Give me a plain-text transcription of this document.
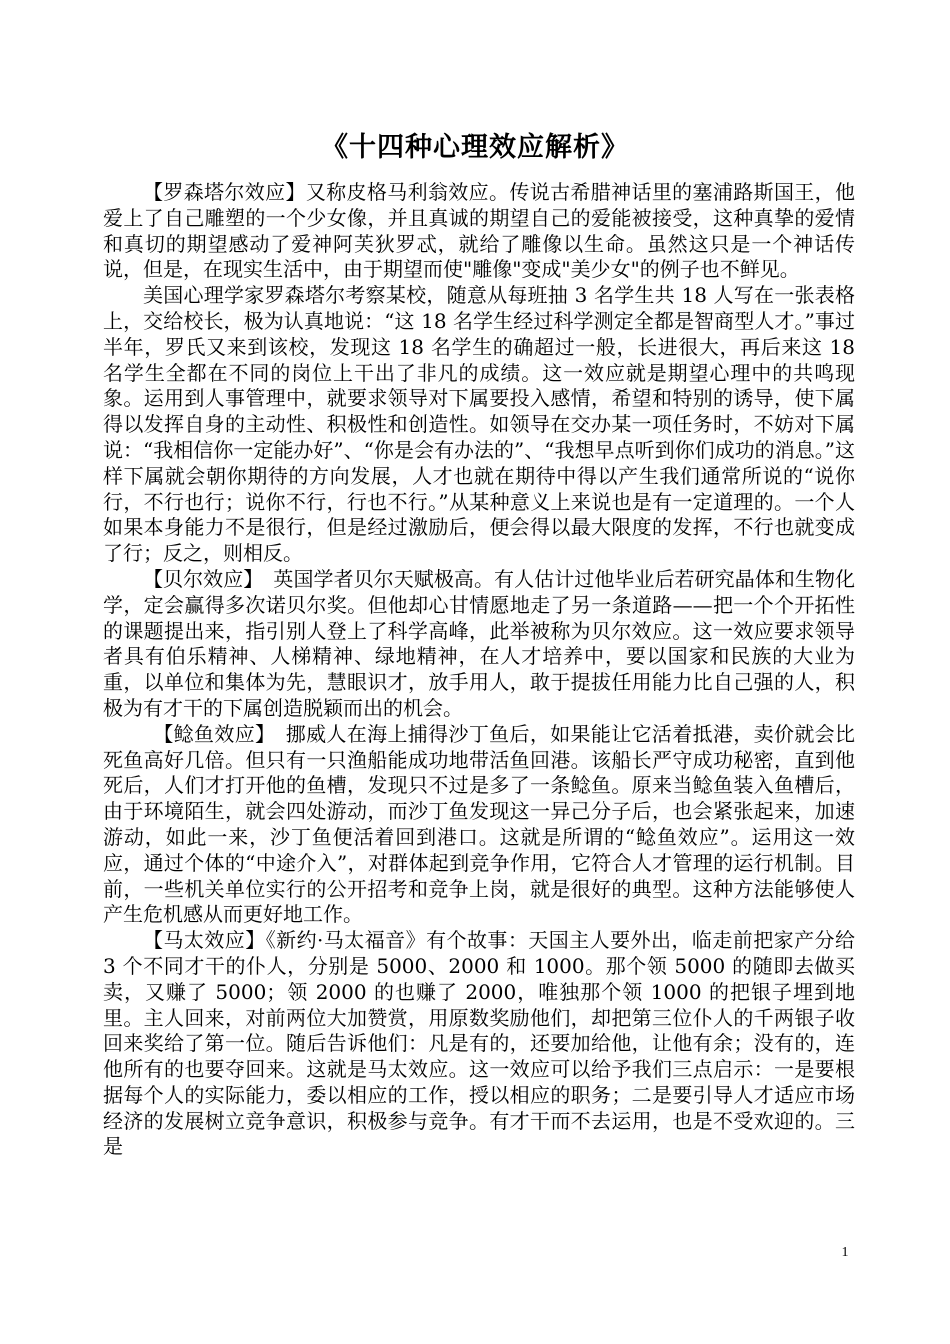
《十四种心理效应解析》

【罗森塔尔效应】又称皮格马利翁效应。传说古希腊神话里的塞浦路斯国王，他爱上了自己雕塑的一个少女像，并且真诚的期望自己的爱能被接受，这种真挚的爱情和真切的期望感动了爱神阿芙狄罗忒，就给了雕像以生命。虽然这只是一个神话传说，但是，在现实生活中，由于期望而使"雕像"变成"美少女"的例子也不鲜见。

美国心理学家罗森塔尔考察某校，随意从每班抽 3 名学生共 18 人写在一张表格上，交给校长，极为认真地说：“这 18 名学生经过科学测定全都是智商型人才。”事过半年，罗氏又来到该校，发现这 18 名学生的确超过一般，长进很大，再后来这 18 名学生全都在不同的岗位上干出了非凡的成绩。这一效应就是期望心理中的共鸣现象。运用到人事管理中，就要求领导对下属要投入感情，希望和特别的诱导，使下属得以发挥自身的主动性、积极性和创造性。如领导在交办某一项任务时，不妨对下属说：“我相信你一定能办好”、“你是会有办法的”、“我想早点听到你们成功的消息。”这样下属就会朝你期待的方向发展，人才也就在期待中得以产生我们通常所说的“说你行，不行也行；说你不行，行也不行。”从某种意义上来说也是有一定道理的。一个人如果本身能力不是很行，但是经过激励后，便会得以最大限度的发挥，不行也就变成了行；反之，则相反。

【贝尔效应】　英国学者贝尔天赋极高。有人估计过他毕业后若研究晶体和生物化学，定会赢得多次诺贝尔奖。但他却心甘情愿地走了另一条道路——把一个个开拓性的课题提出来，指引别人登上了科学高峰，此举被称为贝尔效应。这一效应要求领导者具有伯乐精神、人梯精神、绿地精神，在人才培养中，要以国家和民族的大业为重，以单位和集体为先，慧眼识才，放手用人，敢于提拔任用能力比自己强的人，积极为有才干的下属创造脱颖而出的机会。

　【鲶鱼效应】　挪威人在海上捕得沙丁鱼后，如果能让它活着抵港，卖价就会比死鱼高好几倍。但只有一只渔船能成功地带活鱼回港。该船长严守成功秘密，直到他死后，人们才打开他的鱼槽，发现只不过是多了一条鲶鱼。原来当鲶鱼装入鱼槽后，由于环境陌生，就会四处游动，而沙丁鱼发现这一异己分子后，也会紧张起来，加速游动，如此一来，沙丁鱼便活着回到港口。这就是所谓的“鲶鱼效应”。运用这一效应，通过个体的“中途介入”，对群体起到竞争作用，它符合人才管理的运行机制。目前，一些机关单位实行的公开招考和竞争上岗，就是很好的典型。这种方法能够使人产生危机感从而更好地工作。

【马太效应】《新约·马太福音》有个故事：天国主人要外出，临走前把家产分给 3 个不同才干的仆人，分别是 5000、2000 和 1000。那个领 5000 的随即去做买卖，又赚了 5000；领 2000 的也赚了 2000，唯独那个领 1000 的把银子埋到地里。主人回来，对前两位大加赞赏，用原数奖励他们，却把第三位仆人的千两银子收回来奖给了第一位。随后告诉他们：凡是有的，还要加给他，让他有余；没有的，连他所有的也要夺回来。这就是马太效应。这一效应可以给予我们三点启示：一是要根据每个人的实际能力，委以相应的工作，授以相应的职务；二是要引导人才适应市场经济的发展树立竞争意识，积极参与竞争。有才干而不去运用，也是不受欢迎的。三是

1
